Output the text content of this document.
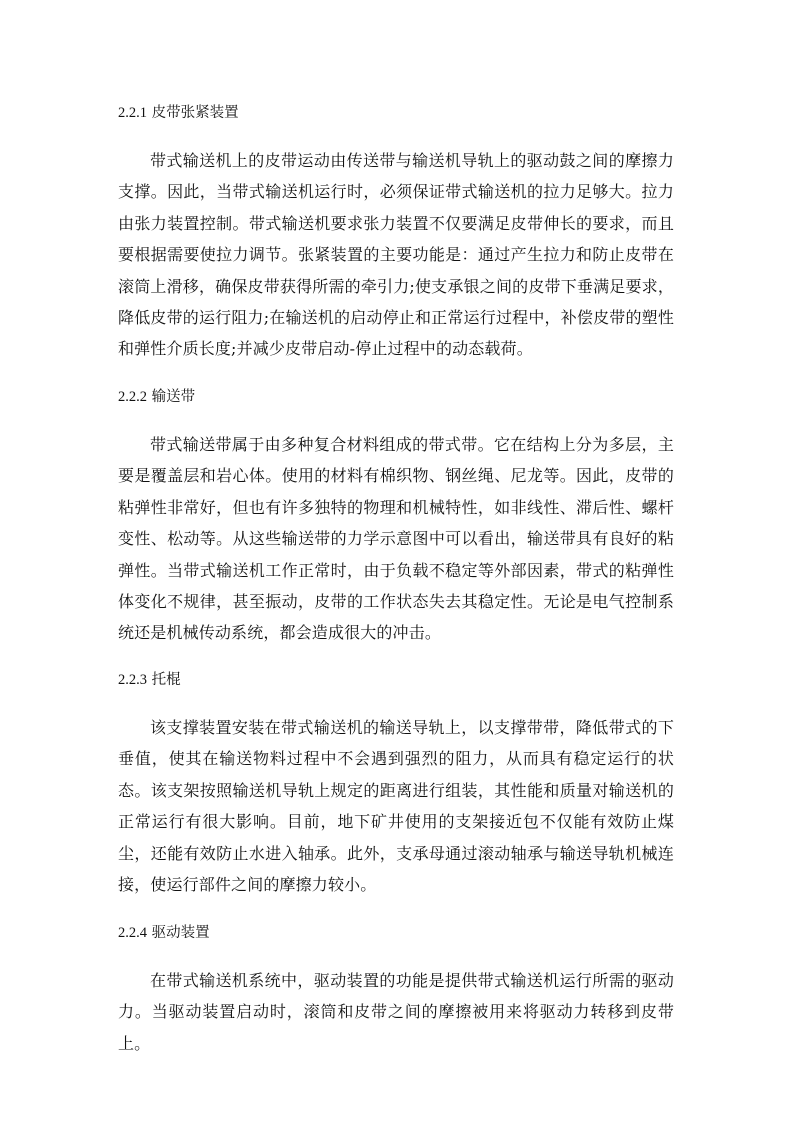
2.2.1 皮带张紧装置

带式输送机上的皮带运动由传送带与输送机导轨上的驱动鼓之间的摩擦力支撑。因此，当带式输送机运行时，必须保证带式输送机的拉力足够大。拉力由张力装置控制。带式输送机要求张力装置不仅要满足皮带伸长的要求，而且要根据需要使拉力调节。张紧装置的主要功能是：通过产生拉力和防止皮带在滚筒上滑移，确保皮带获得所需的牵引力;使支承银之间的皮带下垂满足要求，降低皮带的运行阻力;在输送机的启动停止和正常运行过程中，补偿皮带的塑性和弹性介质长度;并减少皮带启动-停止过程中的动态载荷。

2.2.2 输送带

带式输送带属于由多种复合材料组成的带式带。它在结构上分为多层，主要是覆盖层和岩心体。使用的材料有棉织物、钢丝绳、尼龙等。因此，皮带的粘弹性非常好，但也有许多独特的物理和机械特性，如非线性、滞后性、螺杆变性、松动等。从这些输送带的力学示意图中可以看出，输送带具有良好的粘弹性。当带式输送机工作正常时，由于负载不稳定等外部因素，带式的粘弹性体变化不规律，甚至振动，皮带的工作状态失去其稳定性。无论是电气控制系统还是机械传动系统，都会造成很大的冲击。

2.2.3 托棍

该支撑装置安装在带式输送机的输送导轨上，以支撑带带，降低带式的下垂值，使其在输送物料过程中不会遇到强烈的阻力，从而具有稳定运行的状态。该支架按照输送机导轨上规定的距离进行组装，其性能和质量对输送机的正常运行有很大影响。目前，地下矿井使用的支架接近包不仅能有效防止煤尘，还能有效防止水进入轴承。此外，支承母通过滚动轴承与输送导轨机械连接，使运行部件之间的摩擦力较小。

2.2.4 驱动装置

在带式输送机系统中，驱动装置的功能是提供带式输送机运行所需的驱动力。当驱动装置启动时，滚筒和皮带之间的摩擦被用来将驱动力转移到皮带上。
